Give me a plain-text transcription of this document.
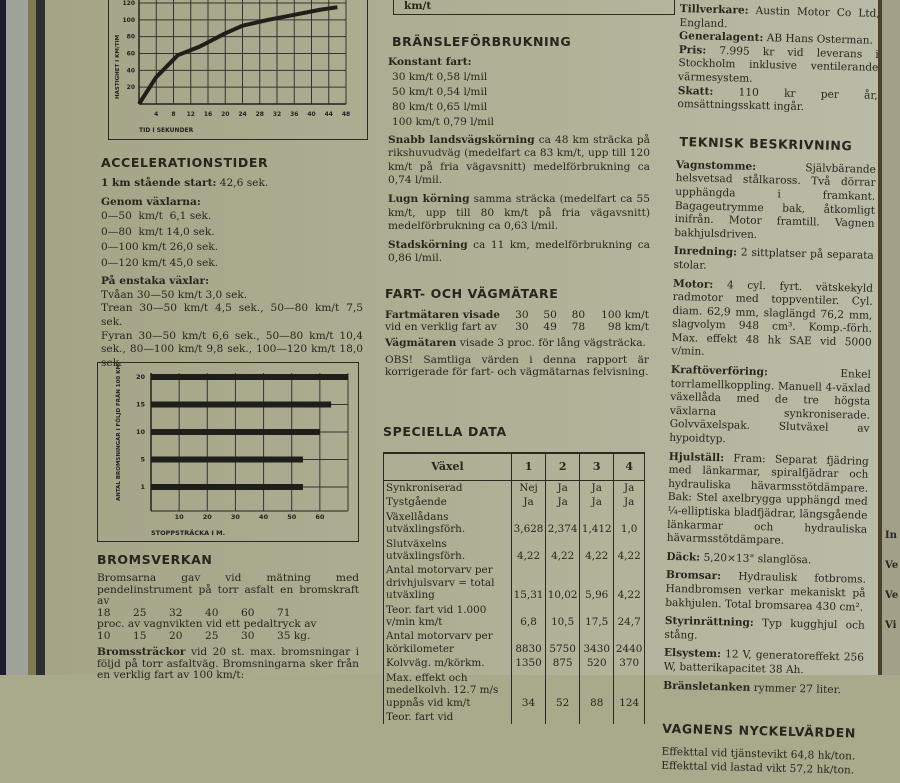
In
Ve
Ve
Vi
4 8 12 16 20 24 28 32 36 40 44 48
20
40
60
80
100
120
TID I SEKUNDER
HASTIGHET I KM/TIM
ACCELERATIONSTIDER

1 km stående start: 42,6 sek.

Genom växlarna:

0—50  km/t  6,1 sek.
0—80  km/t 14,0 sek.
0—100 km/t 26,0 sek.
0—120 km/t 45,0 sek.
På enstaka växlar:
Tvåan 30—50 km/t 3,0 sek.
Trean 30—50 km/t 4,5 sek., 50—80 km/t 7,5 sek.
Fyran 30—50 km/t 6,6 sek., 50—80 km/t 10,4 sek., 80—100 km/t 9,8 sek., 100—120 km/t 18,0 sek.
10	20	30	40	50	60
20
15
10
5
1
STOPPSTRÄCKA I M.
ANTAL BROMSNINGAR I FÖLJD FRÅN 100 KM/T
BROMSVERKAN
Bromsarna gav vid mätning med pendelinstrument på torr asfalt en bromskraft av
18	25	32	40	60	71
proc. av vagnvikten vid ett pedaltryck av
10	15	20	25	30	35 kg.
Bromssträckor vid 20 st. max. bromsningar i följd på torr asfaltväg. Bromsningarna sker från en verklig fart av 100 km/t:
km/t
BRÄNSLEFÖRBRUKNING

Konstant fart:

30 km/t 0,58 l/mil
50 km/t 0,54 l/mil
80 km/t 0,65 l/mil
100 km/t 0,79 l/mil

Snabb landsvägskörning ca 48 km sträcka på rikshuvudväg (medelfart ca 83 km/t, upp till 120 km/t på fria vägavsnitt) medelförbrukning ca 0,74 l/mil.

Lugn körning samma sträcka (medelfart ca 55 km/t, upp till 80 km/t på fria vägavsnitt) medelförbrukning ca 0,63 l/mil.

Stadskörning ca 11 km, medelförbrukning ca 0,86 l/mil.

FART- OCH VÄGMÄTARE
Fartmätaren visade	30	50	80	100 km/t
vid en verklig fart av	30	49	78	98 km/t

Vägmätaren visade 3 proc. för lång vägsträcka.

OBS! Samtliga värden i denna rapport är korrigerade för fart- och vägmätarnas felvisning.

SPECIELLA DATA
Växel	1	2	3	4
Synkroniserad	Nej	Ja	Ja	Ja
Tystgående	Ja	Ja	Ja	Ja
Växellådans utväxlingsförh.	3,628	2,374	1,412	1,0
Slutväxelns utväxlingsförh.	4,22	4,22	4,22	4,22
Antal motorvarv per drivhjulsvarv = total utväxling	15,31	10,02	5,96	4,22
Teor. fart vid 1.000 v/min km/t	6,8	10,5	17,5	24,7
Antal motorvarv per körkilometer	8830	5750	3430	2440
Kolvväg. m/körkm.	1350	875	520	370
Max. effekt och medelkolvh. 12.7 m/s uppnås vid km/t	34	52	88	124
Teor. fart vid				
Tillverkare: Austin Motor Co Ltd, England.
Generalagent: AB Hans Osterman.
Pris: 7.995 kr vid leverans i Stockholm inklusive ventilerande värmesystem.
Skatt: 110 kr per år, omsättningsskatt ingår.
TEKNISK BESKRIVNING
Vagnstomme:	Självbärande helsvetsad stålkaross. Två dörrar upphängda i framkant. Bagageutrymme bak, åtkomligt inifrån. Motor framtill. Vagnen bakhjulsdriven.
Inredning: 2 sittplatser på separata stolar.
Motor: 4 cyl. fyrt. vätskekyld radmotor med toppventiler. Cyl. diam. 62,9 mm, slaglängd 76,2 mm, slagvolym 948 cm³. Komp.-förh. Max. effekt 48 hk SAE vid 5000 v/min.
Kraftöverföring:	Enkel torrlamellkoppling. Manuell 4-växlad växellåda med de tre högsta växlarna synkroniserade. Golvväxelspak. Slutväxel av hypoidtyp.
Hjulställ: Fram: Separat fjädring med länkarmar, spiralfjädrar och hydrauliska hävarmsstötdämpare. Bak: Stel axelbrygga upphängd med ¼-elliptiska bladfjädrar, längsgående länkarmar och hydrauliska hävarmsstötdämpare.
Däck: 5,20×13" slanglösa.
Bromsar: Hydraulisk fotbroms. Handbromsen verkar mekaniskt på bakhjulen. Total bromsarea 430 cm².
Styrinrättning: Typ kugghjul och stång.
Elsystem: 12 V, generatoreffekt 256 W, batterikapacitet 38 Ah.
Bränsletanken rymmer 27 liter.
VAGNENS NYCKELVÄRDEN
Effekttal vid tjänstevikt 64,8 hk/ton.
Effekttal vid lastad vikt 57,2 hk/ton.
